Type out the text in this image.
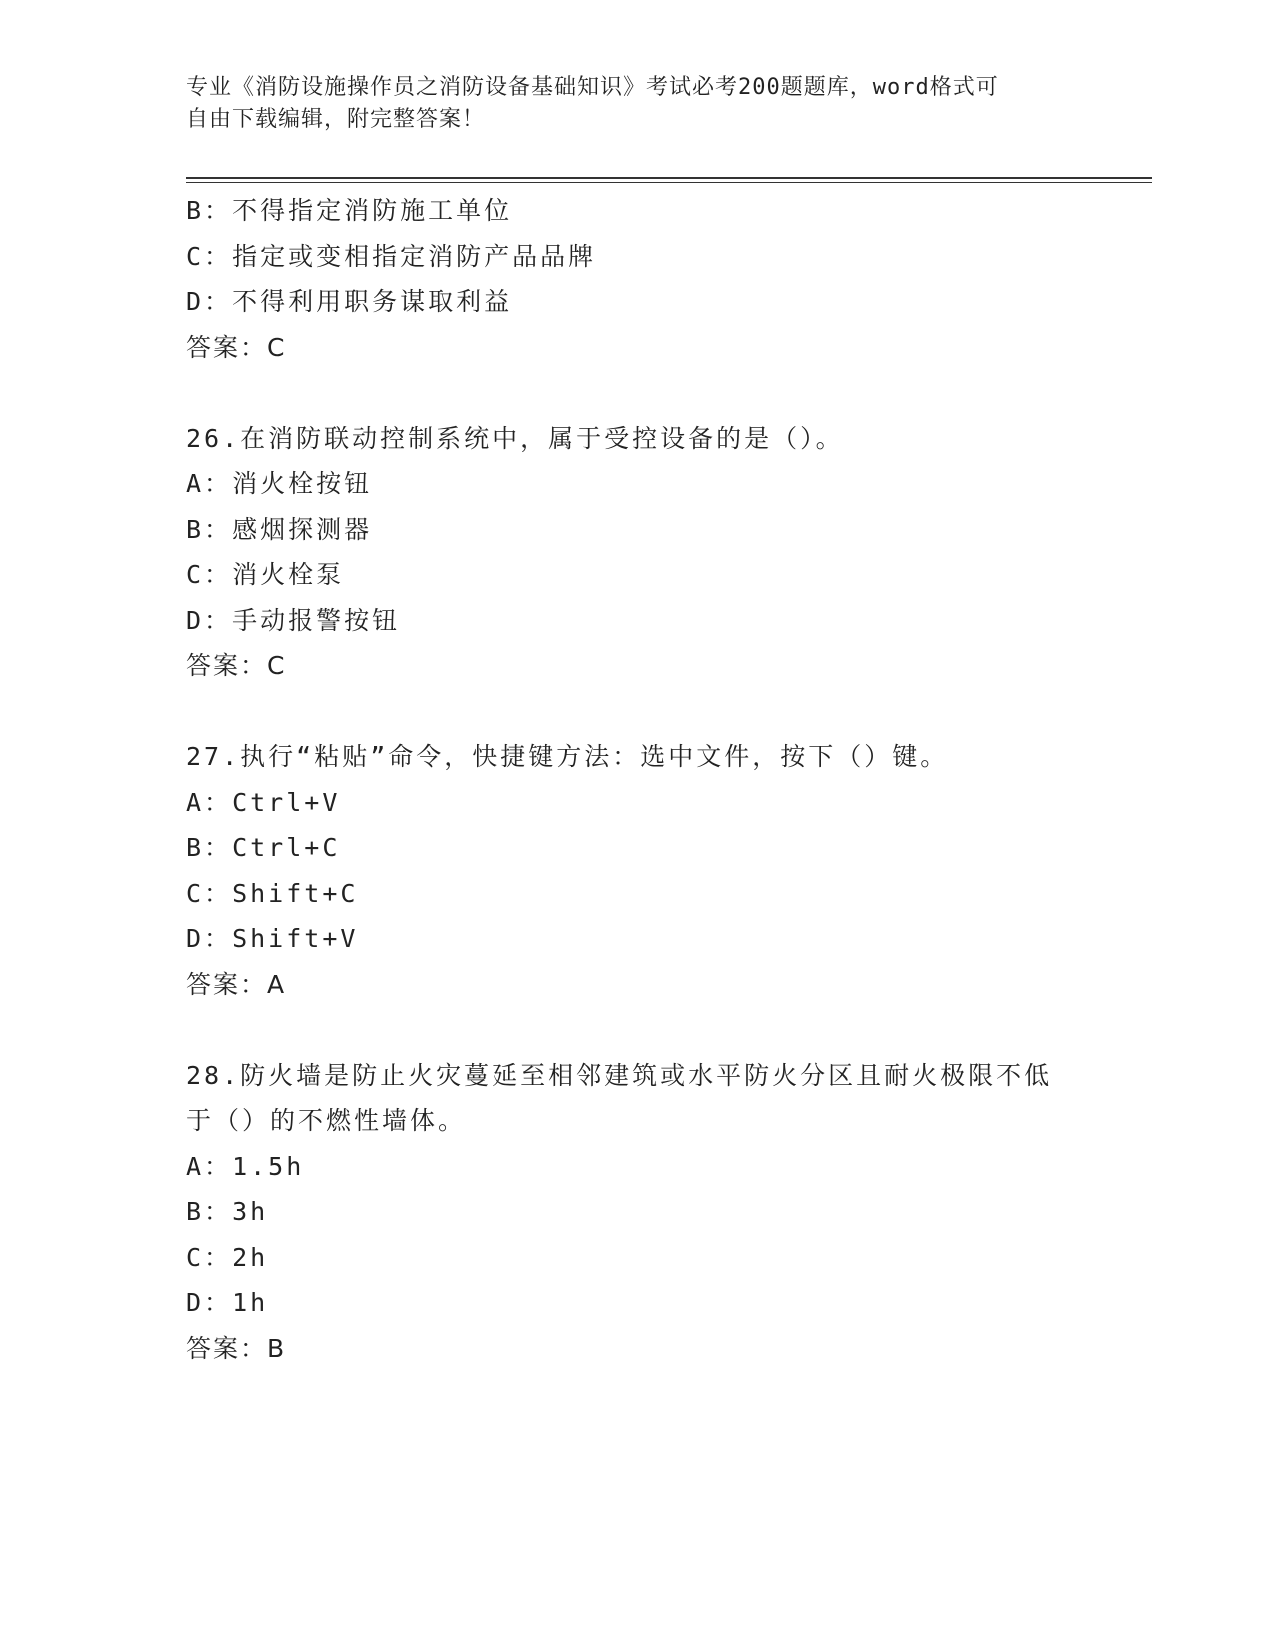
专业《消防设施操作员之消防设备基础知识》考试必考200题题库，word格式可
自由下载编辑，附完整答案！
B：不得指定消防施工单位
C：指定或变相指定消防产品品牌
D：不得利用职务谋取利益
答案：C
26.在消防联动控制系统中，属于受控设备的是（）。
A：消火栓按钮
B：感烟探测器
C：消火栓泵
D：手动报警按钮
答案：C
27.执行“粘贴”命令，快捷键方法：选中文件，按下（）键。
A：Ctrl+V
B：Ctrl+C
C：Shift+C
D：Shift+V
答案：A
28.防火墙是防止火灾蔓延至相邻建筑或水平防火分区且耐火极限不低于（）的不燃性墙体。
A：1.5h
B：3h
C：2h
D：1h
答案：B
